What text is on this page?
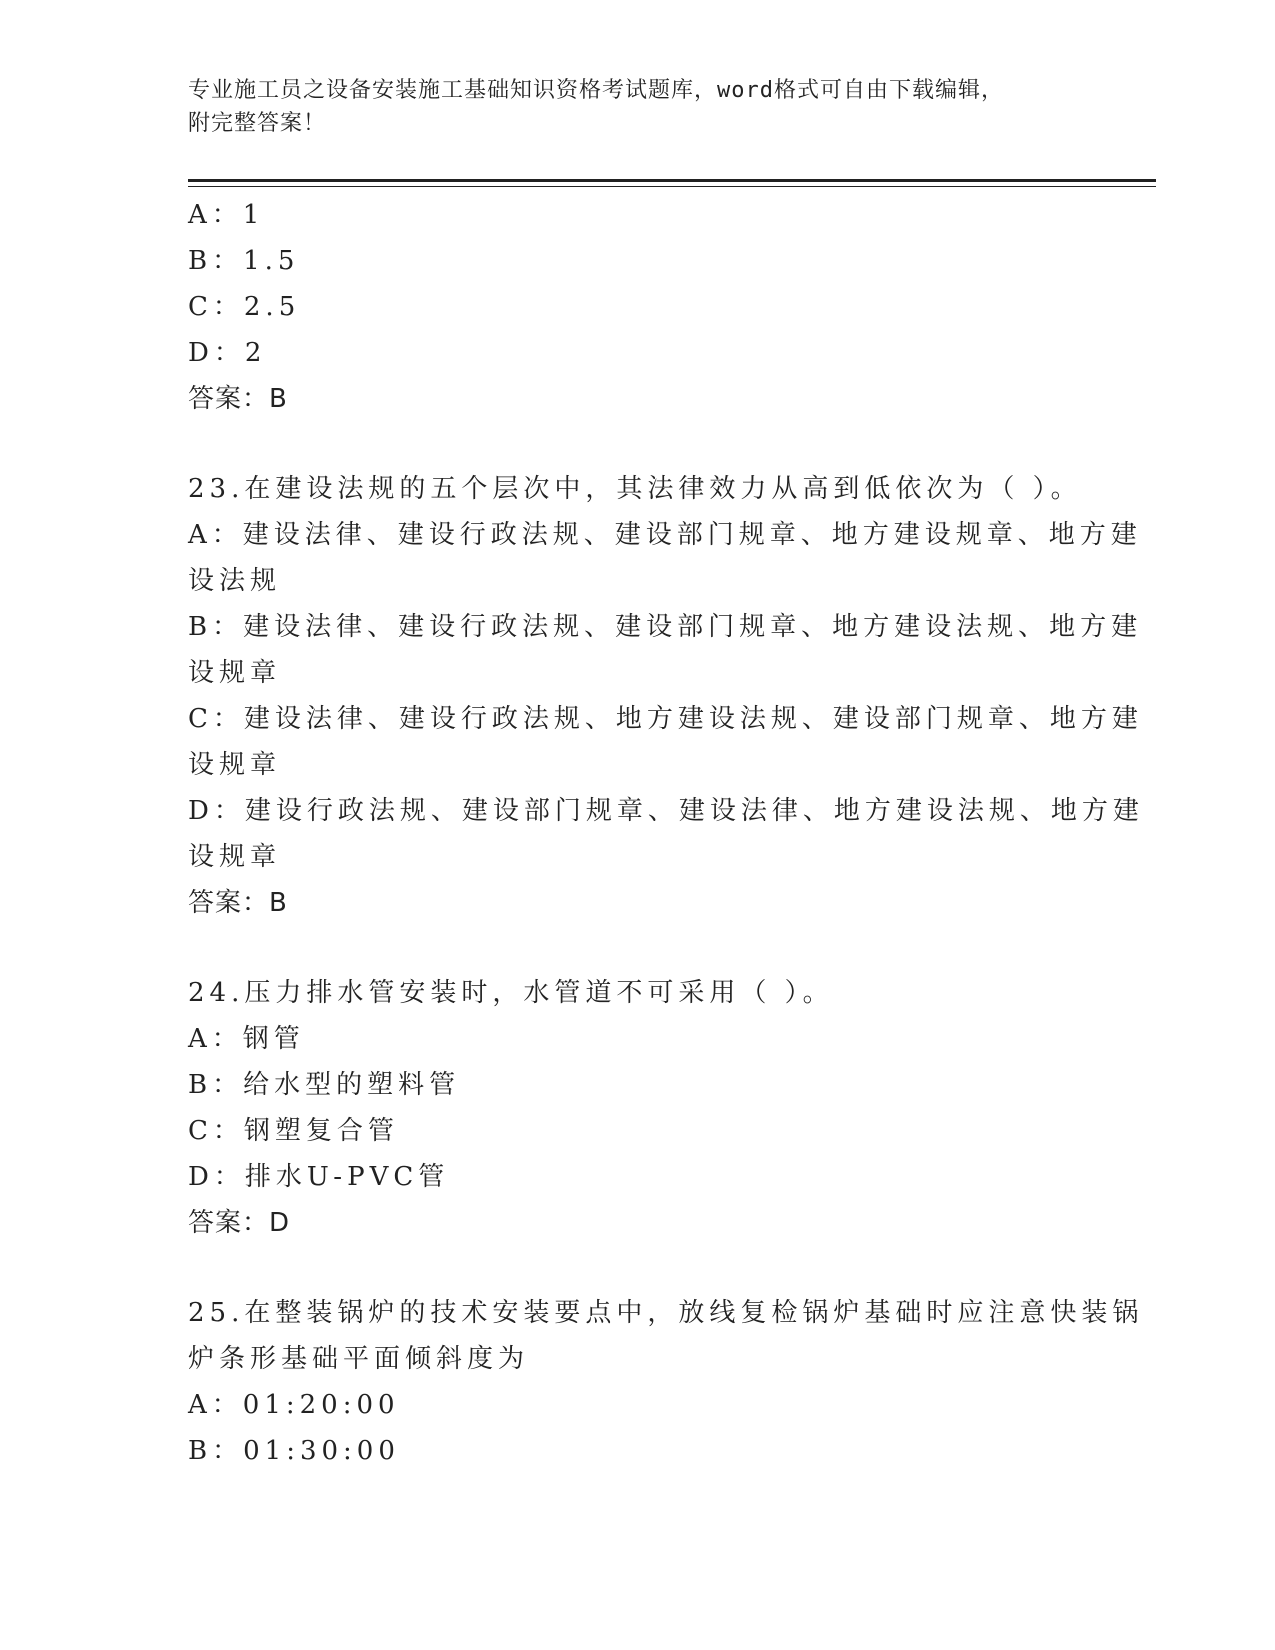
专业施工员之设备安装施工基础知识资格考试题库，word格式可自由下载编辑，
附完整答案！
A：1
B：1.5
C：2.5
D：2
答案：B
23.在建设法规的五个层次中，其法律效力从高到低依次为（ ）。
A：建设法律、建设行政法规、建设部门规章、地方建设规章、地方建
设法规
B：建设法律、建设行政法规、建设部门规章、地方建设法规、地方建
设规章
C：建设法律、建设行政法规、地方建设法规、建设部门规章、地方建
设规章
D：建设行政法规、建设部门规章、建设法律、地方建设法规、地方建
设规章
答案：B
24.压力排水管安装时，水管道不可采用（ ）。
A：钢管
B：给水型的塑料管
C：钢塑复合管
D：排水U-PVC管
答案：D
25.在整装锅炉的技术安装要点中，放线复检锅炉基础时应注意快装锅
炉条形基础平面倾斜度为
A：01:20:00
B：01:30:00
